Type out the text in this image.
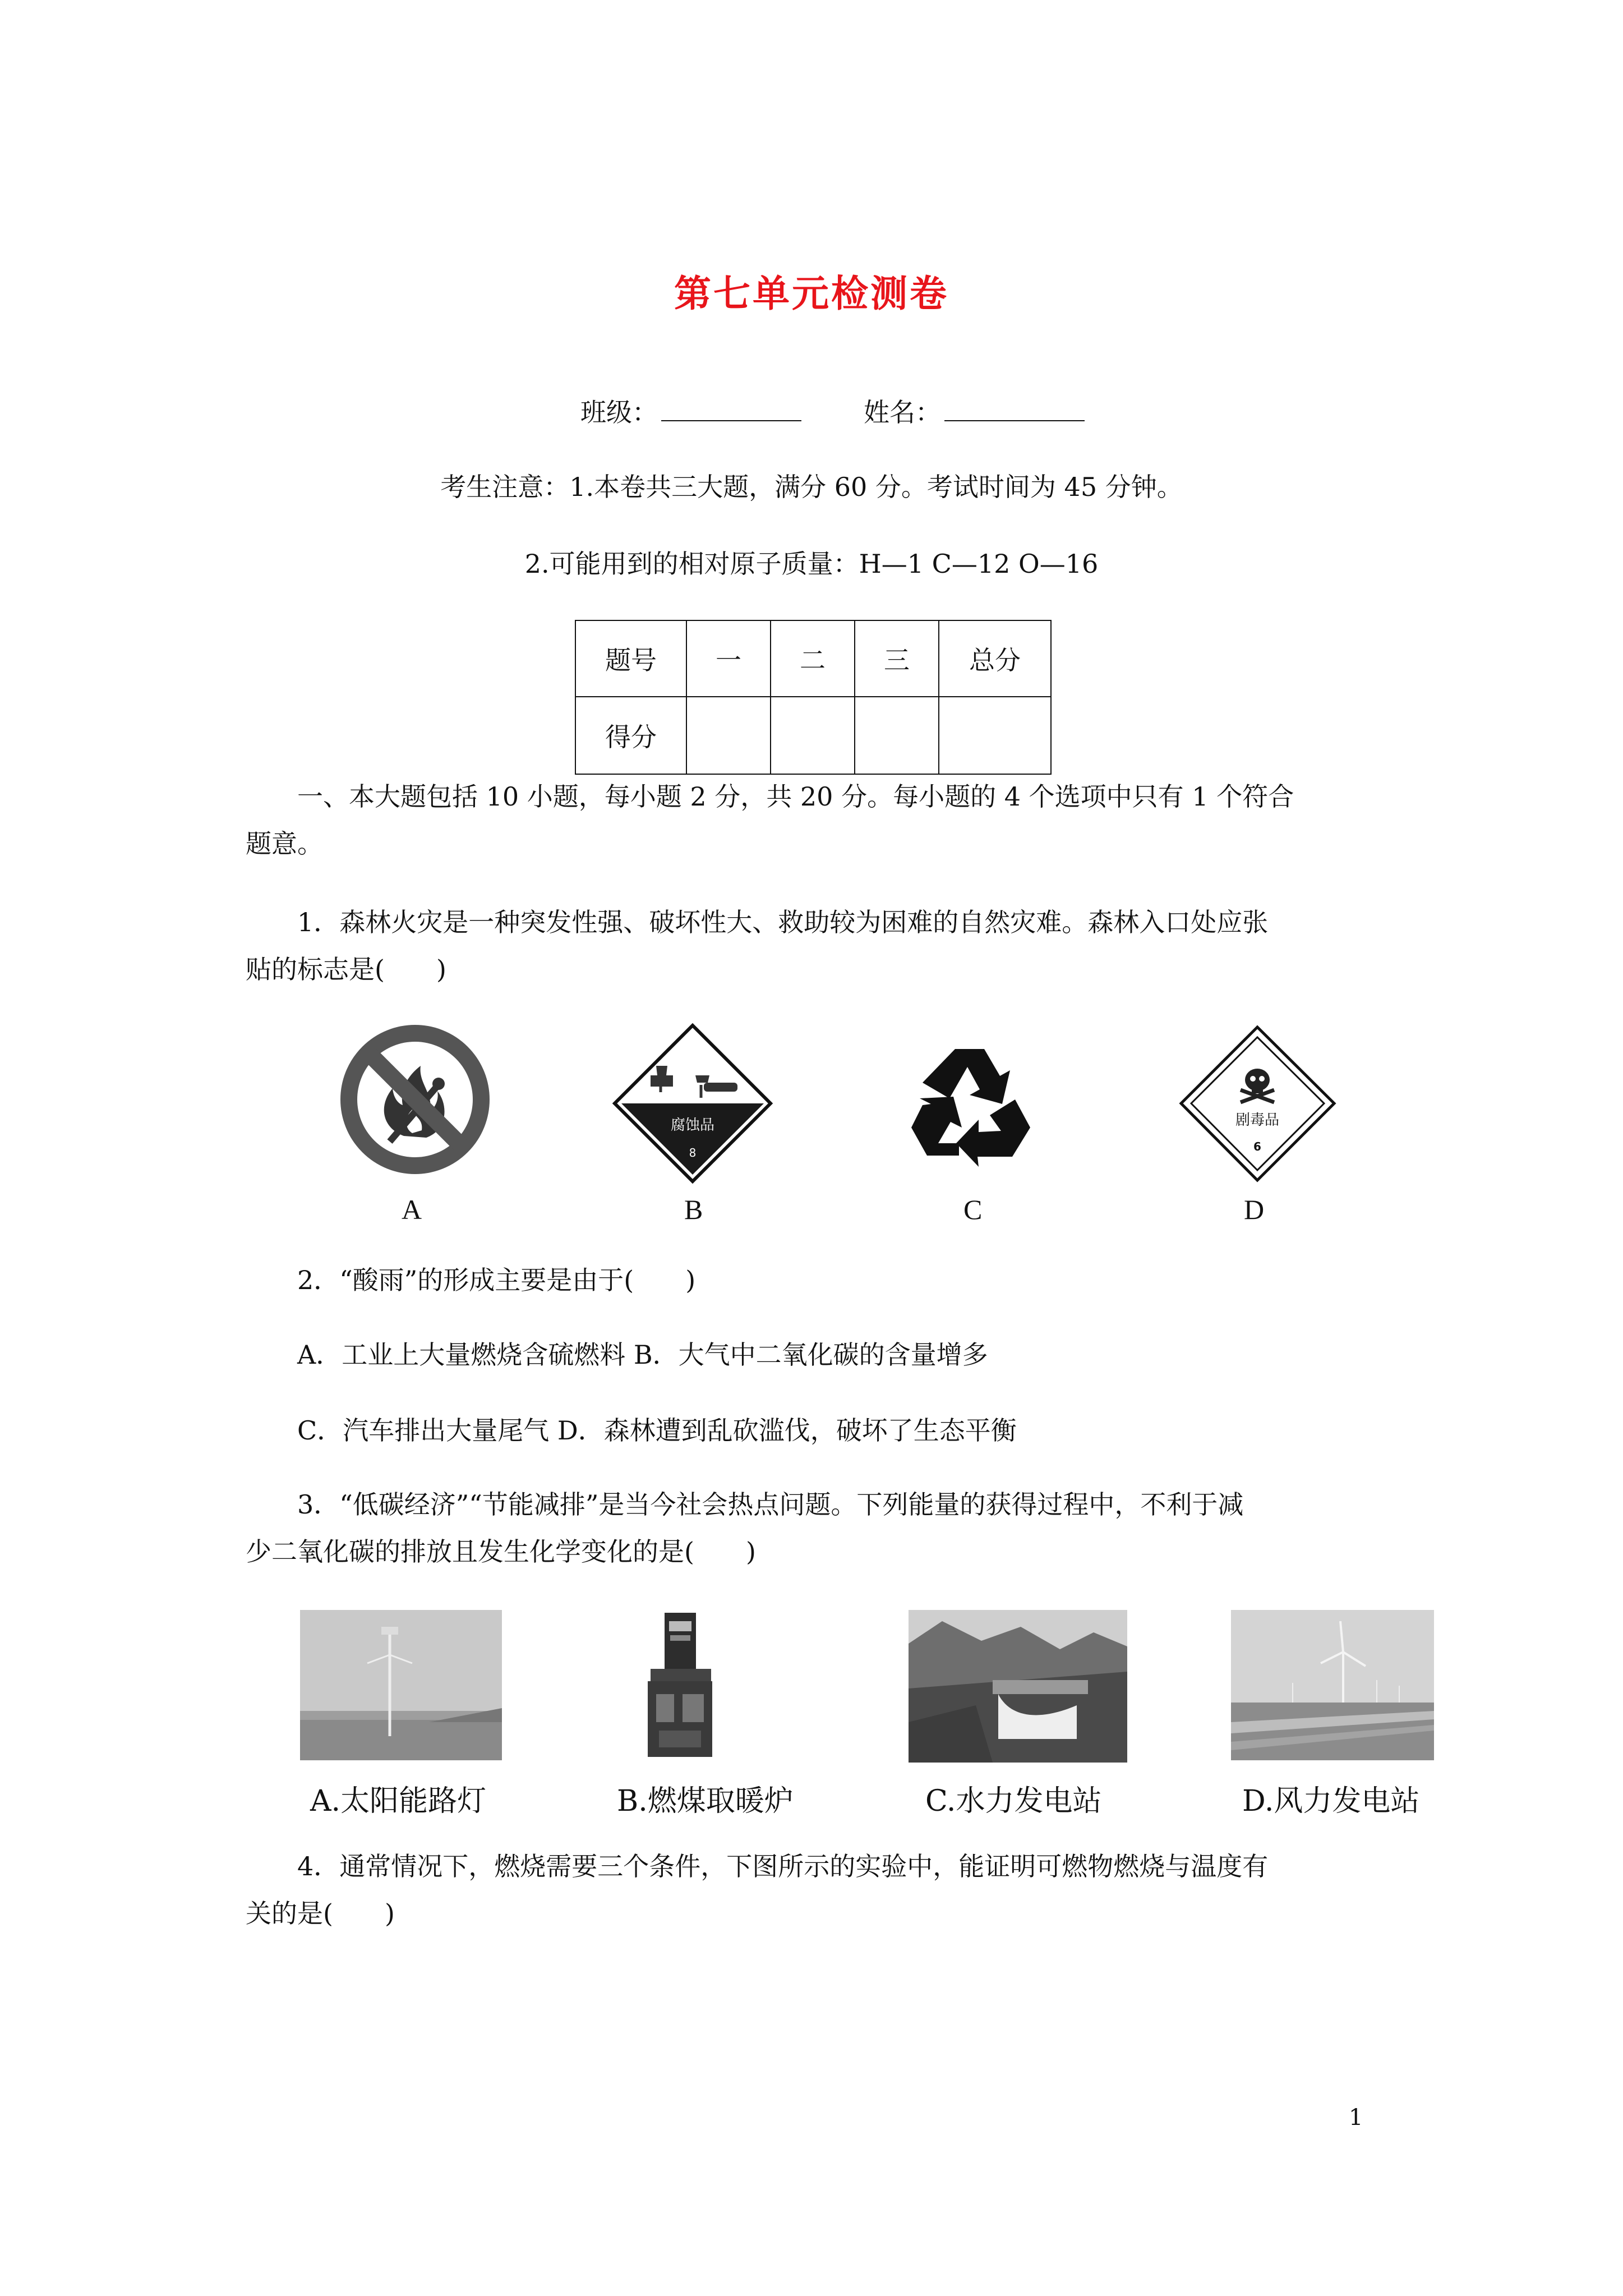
第七单元检测卷
班级：	姓名：
考生注意：1.本卷共三大题，满分 60 分。考试时间为 45 分钟。
2.可能用到的相对原子质量：H—1 C—12 O—16
题号	一	二	三	总分
得分				
一、本大题包括 10 小题，每小题 2 分，共 20 分。每小题的 4 个选项中只有 1 个符合
题意。
1．森林火灾是一种突发性强、破坏性大、救助较为困难的自然灾难。森林入口处应张
贴的标志是(　　)
腐蚀品
8
剧毒品
6
A	B	C	D
2．“酸雨”的形成主要是由于(　　)
A．工业上大量燃烧含硫燃料 B．大气中二氧化碳的含量增多
C．汽车排出大量尾气 D．森林遭到乱砍滥伐，破坏了生态平衡
3．“低碳经济”“节能减排”是当今社会热点问题。下列能量的获得过程中，不利于减
少二氧化碳的排放且发生化学变化的是(　　)
A.太阳能路灯	B.燃煤取暖炉	C.水力发电站	D.风力发电站
4．通常情况下，燃烧需要三个条件，下图所示的实验中，能证明可燃物燃烧与温度有
关的是(　　)
1
